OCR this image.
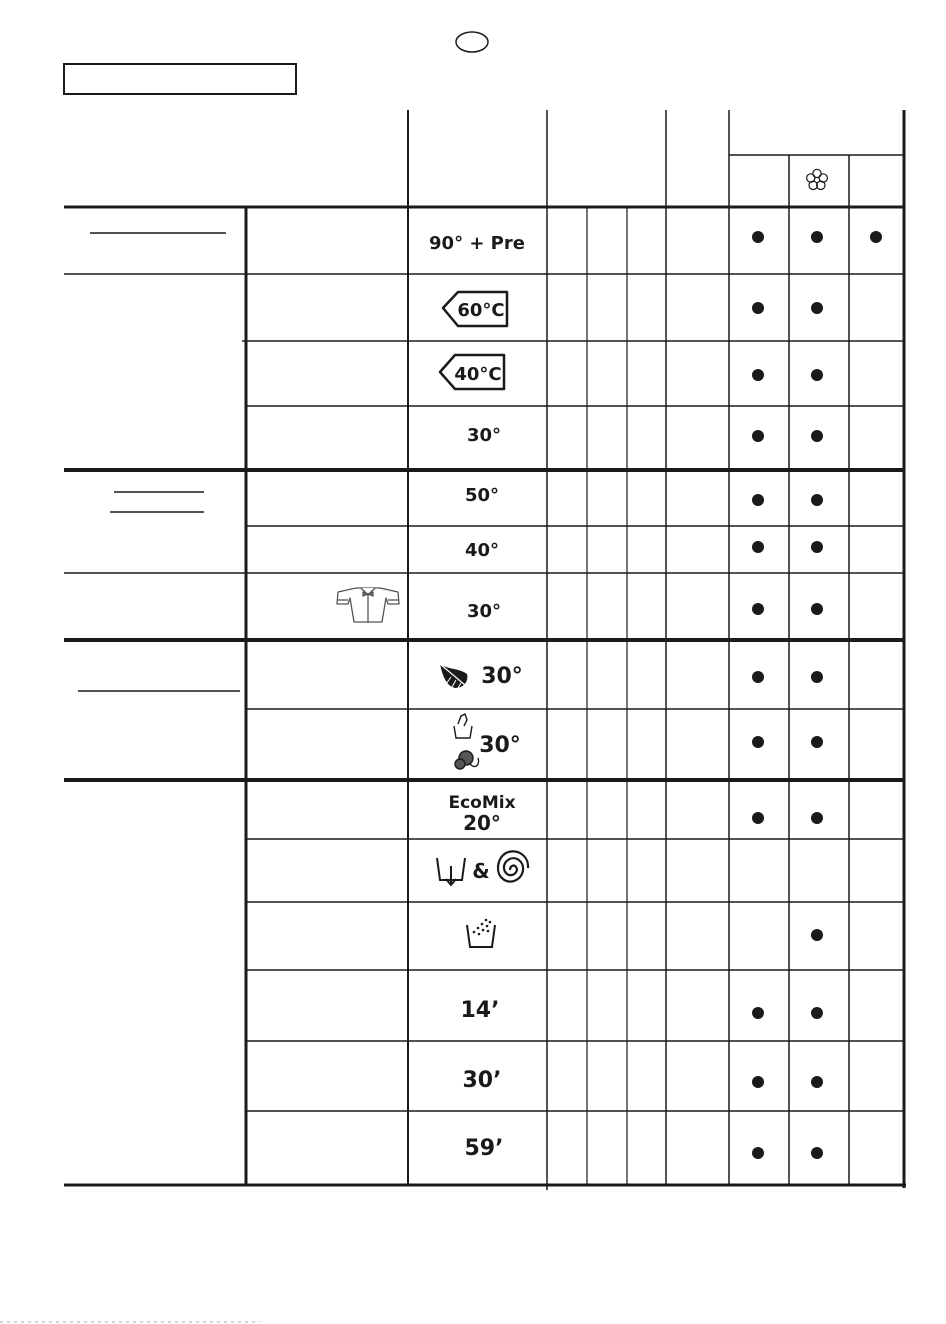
90° + Pre
60°C
40°C
30°
50°
40°
30°
30°
30°
EcoMix
20°
&
14’
30’
59’
